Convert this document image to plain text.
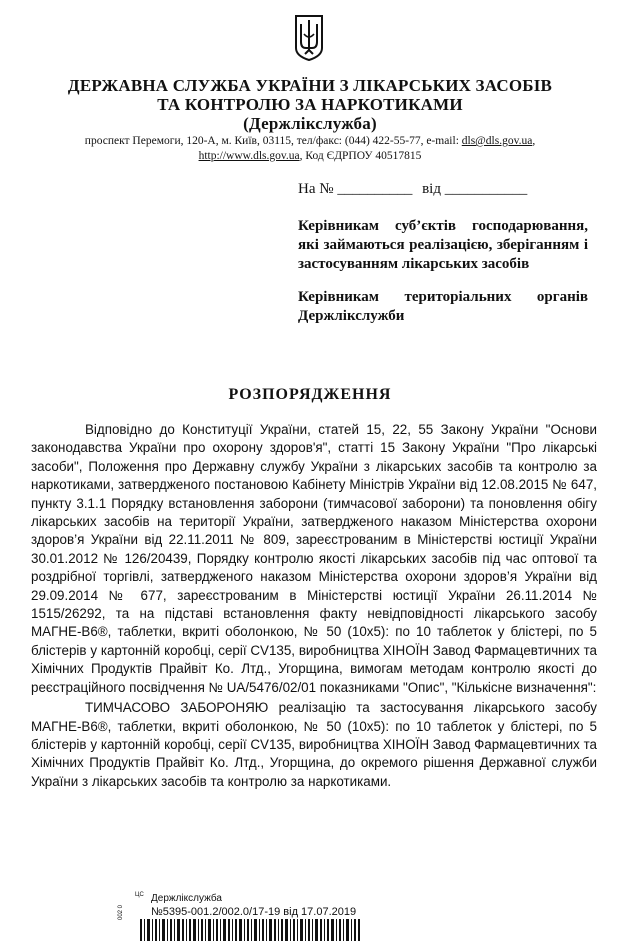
ДЕРЖАВНА СЛУЖБА УКРАЇНИ З ЛІКАРСЬКИХ ЗАСОБІВ
ТА КОНТРОЛЮ ЗА НАРКОТИКАМИ
(Держлікслужба)
проспект Перемоги, 120-А, м. Київ, 03115, тел/факс: (044) 422-55-77, e-mail: dls@dls.gov.ua,
http://www.dls.gov.ua, Код ЄДРПОУ 40517815
На № __________ від ___________

Керівникам суб’єктів господарювання, які займаються реалізацією, зберіганням і застосуванням лікарських засобів

Керівникам територіальних органів Держлікслужби

РОЗПОРЯДЖЕННЯ

Відповідно до Конституції України, статей 15, 22, 55 Закону України "Основи законодавства України про охорону здоров'я", статті 15 Закону України "Про лікарські засоби", Положення про Державну службу України з лікарських засобів та контролю за наркотиками, затвердженого постановою Кабінету Міністрів України від 12.08.2015 № 647, пункту 3.1.1 Порядку встановлення заборони (тимчасової заборони) та поновлення обігу лікарських засобів на території України, затвердженого наказом Міністерства охорони здоров’я України від 22.11.2011 № 809, зареєстрованим в Міністерстві юстиції України 30.01.2012 № 126/20439, Порядку контролю якості лікарських засобів під час оптової та роздрібної торгівлі, затвердженого наказом Міністерства охорони здоров’я України від 29.09.2014 № 677, зареєстрованим в Міністерстві юстиції України 26.11.2014 № 1515/26292, та на підставі встановлення факту невідповідності лікарського засобу МАГНЕ-В6®, таблетки, вкриті оболонкою, № 50 (10х5): по 10 таблеток у блістері, по 5 блістерів у картонній коробці, серії CV135, виробництва ХІНОЇН Завод Фармацевтичних та Хімічних Продуктів Прайвіт Ко. Лтд., Угорщина, вимогам методам контролю якості до реєстраційного посвідчення № UA/5476/02/01 показниками "Опис", "Кількісне визначення":

ТИМЧАСОВО ЗАБОРОНЯЮ реалізацію та застосування лікарського засобу МАГНЕ-В6®, таблетки, вкриті оболонкою, № 50 (10х5): по 10 таблеток у блістері, по 5 блістерів у картонній коробці, серії CV135, виробництва ХІНОЇН Завод Фармацевтичних та Хімічних Продуктів Прайвіт Ко. Лтд., Угорщина, до окремого рішення Державної служби України з лікарських засобів та контролю за наркотиками.

ЦС Держлікслужба
№5395-001.2/002.0/17-19 від 17.07.2019
002 0
